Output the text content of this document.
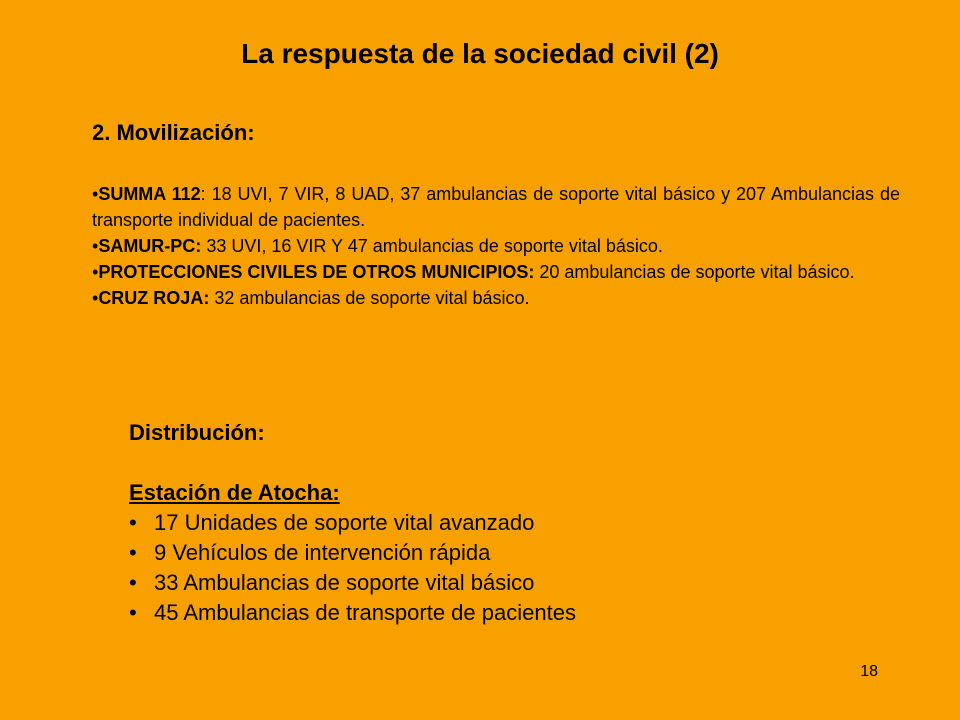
La respuesta de la sociedad civil (2)
2. Movilización:
•SUMMA 112: 18 UVI, 7 VIR, 8 UAD, 37 ambulancias de soporte vital básico y 207 Ambulancias de transporte individual de pacientes.
•SAMUR-PC: 33 UVI, 16 VIR Y 47 ambulancias de soporte vital básico.
•PROTECCIONES CIVILES DE OTROS MUNICIPIOS: 20 ambulancias de soporte vital básico.
•CRUZ ROJA: 32 ambulancias de soporte vital básico.
Distribución:
Estación de Atocha:
• 17 Unidades de soporte vital avanzado
• 9 Vehículos de intervención rápida
• 33 Ambulancias de soporte vital básico
• 45 Ambulancias de transporte de pacientes
18
